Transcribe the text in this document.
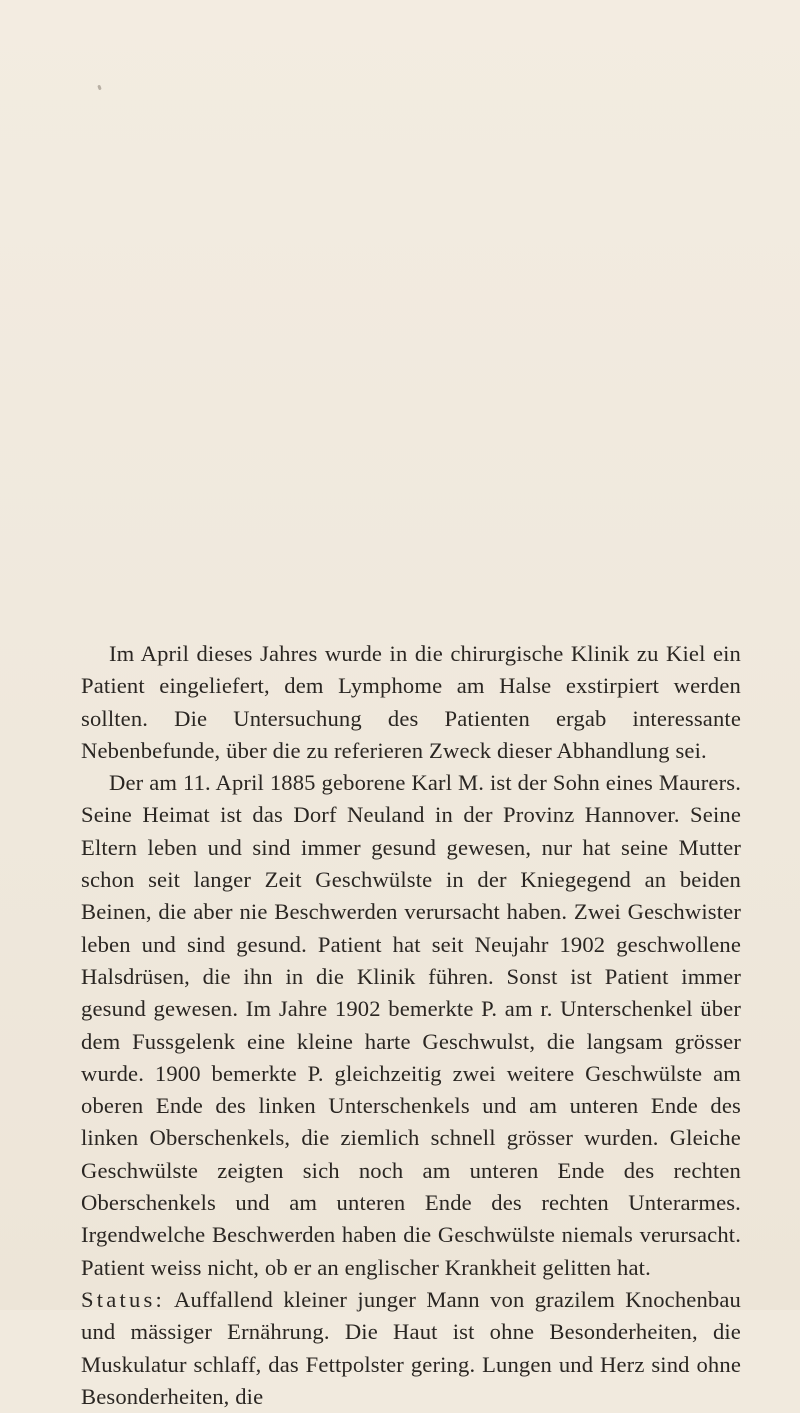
Im April dieses Jahres wurde in die chirurgische Klinik zu Kiel ein Patient eingeliefert, dem Lymphome am Halse exstirpiert werden sollten. Die Untersuchung des Patienten ergab interessante Nebenbefunde, über die zu referieren Zweck dieser Abhandlung sei.

Der am 11. April 1885 geborene Karl M. ist der Sohn eines Maurers. Seine Heimat ist das Dorf Neuland in der Provinz Hannover. Seine Eltern leben und sind immer gesund gewesen, nur hat seine Mutter schon seit langer Zeit Geschwülste in der Kniegegend an beiden Beinen, die aber nie Beschwerden verursacht haben. Zwei Geschwister leben und sind gesund. Patient hat seit Neujahr 1902 geschwollene Halsdrüsen, die ihn in die Klinik führen. Sonst ist Patient immer gesund gewesen. Im Jahre 1902 bemerkte P. am r. Unterschenkel über dem Fussgelenk eine kleine harte Geschwulst, die langsam grösser wurde. 1900 bemerkte P. gleichzeitig zwei weitere Geschwülste am oberen Ende des linken Unterschenkels und am unteren Ende des linken Oberschenkels, die ziemlich schnell grösser wurden. Gleiche Geschwülste zeigten sich noch am unteren Ende des rechten Oberschenkels und am unteren Ende des rechten Unterarmes. Irgendwelche Beschwerden haben die Geschwülste niemals verursacht. Patient weiss nicht, ob er an englischer Krankheit gelitten hat.

Status: Auffallend kleiner junger Mann von grazilem Knochenbau und mässiger Ernährung. Die Haut ist ohne Besonderheiten, die Muskulatur schlaff, das Fettpolster gering. Lungen und Herz sind ohne Besonderheiten, die
